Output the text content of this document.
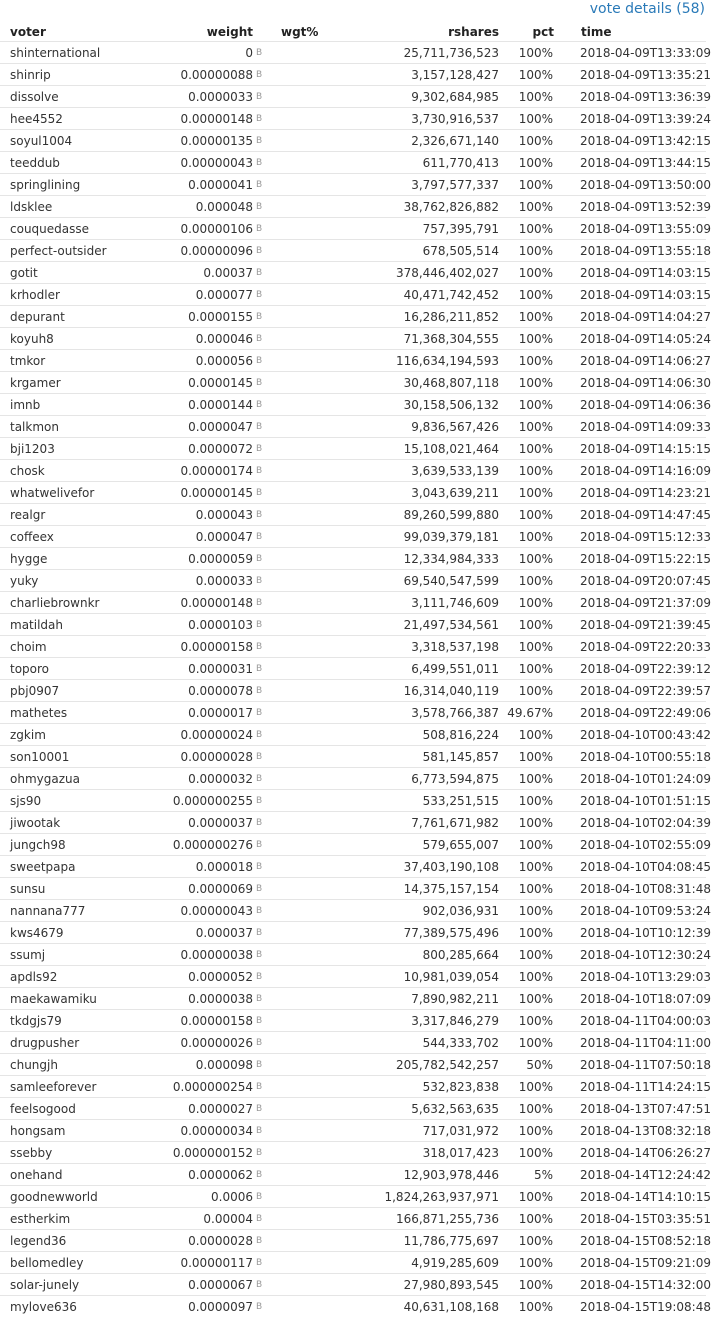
vote details (58)
voter	weight		wgt%	rshares	pct	time
shinternational	0	B		25,711,736,523	100%	2018-04-09T13:33:09
shinrip	0.00000088	B		3,157,128,427	100%	2018-04-09T13:35:21
dissolve	0.0000033	B		9,302,684,985	100%	2018-04-09T13:36:39
hee4552	0.00000148	B		3,730,916,537	100%	2018-04-09T13:39:24
soyul1004	0.00000135	B		2,326,671,140	100%	2018-04-09T13:42:15
teeddub	0.00000043	B		611,770,413	100%	2018-04-09T13:44:15
springlining	0.0000041	B		3,797,577,337	100%	2018-04-09T13:50:00
ldsklee	0.000048	B		38,762,826,882	100%	2018-04-09T13:52:39
couquedasse	0.00000106	B		757,395,791	100%	2018-04-09T13:55:09
perfect-outsider	0.00000096	B		678,505,514	100%	2018-04-09T13:55:18
gotit	0.00037	B		378,446,402,027	100%	2018-04-09T14:03:15
krhodler	0.000077	B		40,471,742,452	100%	2018-04-09T14:03:15
depurant	0.0000155	B		16,286,211,852	100%	2018-04-09T14:04:27
koyuh8	0.000046	B		71,368,304,555	100%	2018-04-09T14:05:24
tmkor	0.000056	B		116,634,194,593	100%	2018-04-09T14:06:27
krgamer	0.0000145	B		30,468,807,118	100%	2018-04-09T14:06:30
imnb	0.0000144	B		30,158,506,132	100%	2018-04-09T14:06:36
talkmon	0.0000047	B		9,836,567,426	100%	2018-04-09T14:09:33
bji1203	0.0000072	B		15,108,021,464	100%	2018-04-09T14:15:15
chosk	0.00000174	B		3,639,533,139	100%	2018-04-09T14:16:09
whatwelivefor	0.00000145	B		3,043,639,211	100%	2018-04-09T14:23:21
realgr	0.000043	B		89,260,599,880	100%	2018-04-09T14:47:45
coffeex	0.000047	B		99,039,379,181	100%	2018-04-09T15:12:33
hygge	0.0000059	B		12,334,984,333	100%	2018-04-09T15:22:15
yuky	0.000033	B		69,540,547,599	100%	2018-04-09T20:07:45
charliebrownkr	0.00000148	B		3,111,746,609	100%	2018-04-09T21:37:09
matildah	0.0000103	B		21,497,534,561	100%	2018-04-09T21:39:45
choim	0.00000158	B		3,318,537,198	100%	2018-04-09T22:20:33
toporo	0.0000031	B		6,499,551,011	100%	2018-04-09T22:39:12
pbj0907	0.0000078	B		16,314,040,119	100%	2018-04-09T22:39:57
mathetes	0.0000017	B		3,578,766,387	49.67%	2018-04-09T22:49:06
zgkim	0.00000024	B		508,816,224	100%	2018-04-10T00:43:42
son10001	0.00000028	B		581,145,857	100%	2018-04-10T00:55:18
ohmygazua	0.0000032	B		6,773,594,875	100%	2018-04-10T01:24:09
sjs90	0.000000255	B		533,251,515	100%	2018-04-10T01:51:15
jiwootak	0.0000037	B		7,761,671,982	100%	2018-04-10T02:04:39
jungch98	0.000000276	B		579,655,007	100%	2018-04-10T02:55:09
sweetpapa	0.000018	B		37,403,190,108	100%	2018-04-10T04:08:45
sunsu	0.0000069	B		14,375,157,154	100%	2018-04-10T08:31:48
nannana777	0.00000043	B		902,036,931	100%	2018-04-10T09:53:24
kws4679	0.000037	B		77,389,575,496	100%	2018-04-10T10:12:39
ssumj	0.00000038	B		800,285,664	100%	2018-04-10T12:30:24
apdls92	0.0000052	B		10,981,039,054	100%	2018-04-10T13:29:03
maekawamiku	0.0000038	B		7,890,982,211	100%	2018-04-10T18:07:09
tkdgjs79	0.00000158	B		3,317,846,279	100%	2018-04-11T04:00:03
drugpusher	0.00000026	B		544,333,702	100%	2018-04-11T04:11:00
chungjh	0.000098	B		205,782,542,257	50%	2018-04-11T07:50:18
samleeforever	0.000000254	B		532,823,838	100%	2018-04-11T14:24:15
feelsogood	0.0000027	B		5,632,563,635	100%	2018-04-13T07:47:51
hongsam	0.00000034	B		717,031,972	100%	2018-04-13T08:32:18
ssebby	0.000000152	B		318,017,423	100%	2018-04-14T06:26:27
onehand	0.0000062	B		12,903,978,446	5%	2018-04-14T12:24:42
goodnewworld	0.0006	B		1,824,263,937,971	100%	2018-04-14T14:10:15
estherkim	0.00004	B		166,871,255,736	100%	2018-04-15T03:35:51
legend36	0.0000028	B		11,786,775,697	100%	2018-04-15T08:52:18
bellomedley	0.00000117	B		4,919,285,609	100%	2018-04-15T09:21:09
solar-junely	0.0000067	B		27,980,893,545	100%	2018-04-15T14:32:00
mylove636	0.0000097	B		40,631,108,168	100%	2018-04-15T19:08:48
